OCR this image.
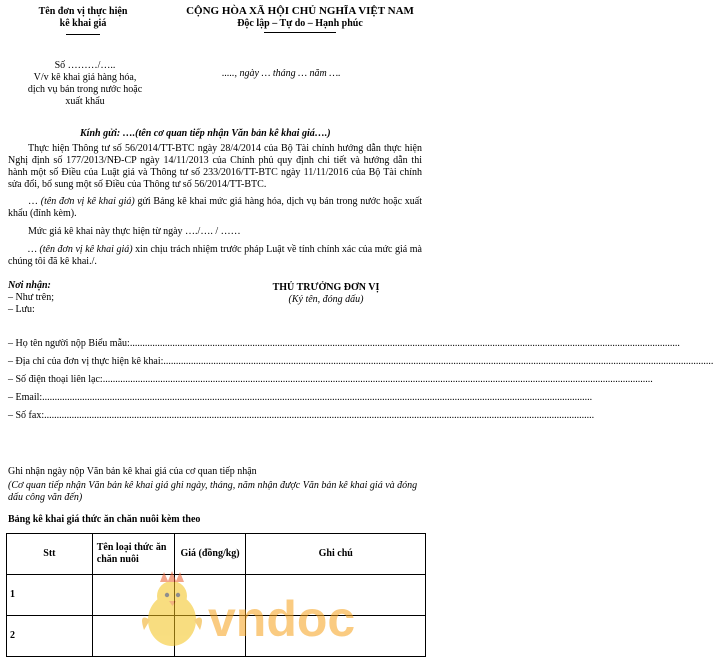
Tên đơn vị thực hiện
kê khai giá
CỘNG HÒA XÃ HỘI CHỦ NGHĨA VIỆT NAM
Độc lập – Tự do – Hạnh phúc
Số ………/…..
V/v kê khai giá hàng hóa,
dịch vụ bán trong nước hoặc
xuất khẩu
....., ngày … tháng … năm ….
Kính gửi: ….(tên cơ quan tiếp nhận Văn bản kê khai giá….)
Thực hiện Thông tư số 56/2014/TT-BTC ngày 28/4/2014 của Bộ Tài chính hướng dẫn thực hiện Nghị định số 177/2013/NĐ-CP ngày 14/11/2013 của Chính phủ quy định chi tiết và hướng dẫn thi hành một số Điều của Luật giá và Thông tư số 233/2016/TT-BTC ngày 11/11/2016 của Bộ Tài chính sửa đổi, bổ sung một số Điều của Thông tư số 56/2014/TT-BTC.
… (tên đơn vị kê khai giá) gửi Bảng kê khai mức giá hàng hóa, dịch vụ bán trong nước hoặc xuất khẩu (đính kèm).
Mức giá kê khai này thực hiện từ ngày …./…. / ……
… (tên đơn vị kê khai giá) xin chịu trách nhiệm trước pháp Luật về tính chính xác của mức giá mà chúng tôi đã kê khai./.
Nơi nhận:
– Như trên;
– Lưu:
THỦ TRƯỞNG ĐƠN VỊ
(Ký tên, đóng dấu)
– Họ tên người nộp Biểu mẫu:............................................................................................................................................................................................................................
– Địa chỉ của đơn vị thực hiện kê khai:............................................................................................................................................................................................................................
– Số điện thoại liên lạc:............................................................................................................................................................................................................................
– Email:............................................................................................................................................................................................................................
– Số fax:............................................................................................................................................................................................................................
Ghi nhận ngày nộp Văn bản kê khai giá của cơ quan tiếp nhận
(Cơ quan tiếp nhận Văn bản kê khai giá ghi ngày, tháng, năm nhận được Văn bản kê khai giá và đóng dấu công văn đến)
Bảng kê khai giá thức ăn chăn nuôi kèm theo
Stt	Tên loại thức ăn chăn nuôi	Giá (đồng/kg)	Ghi chú
1			
2				vndoc
